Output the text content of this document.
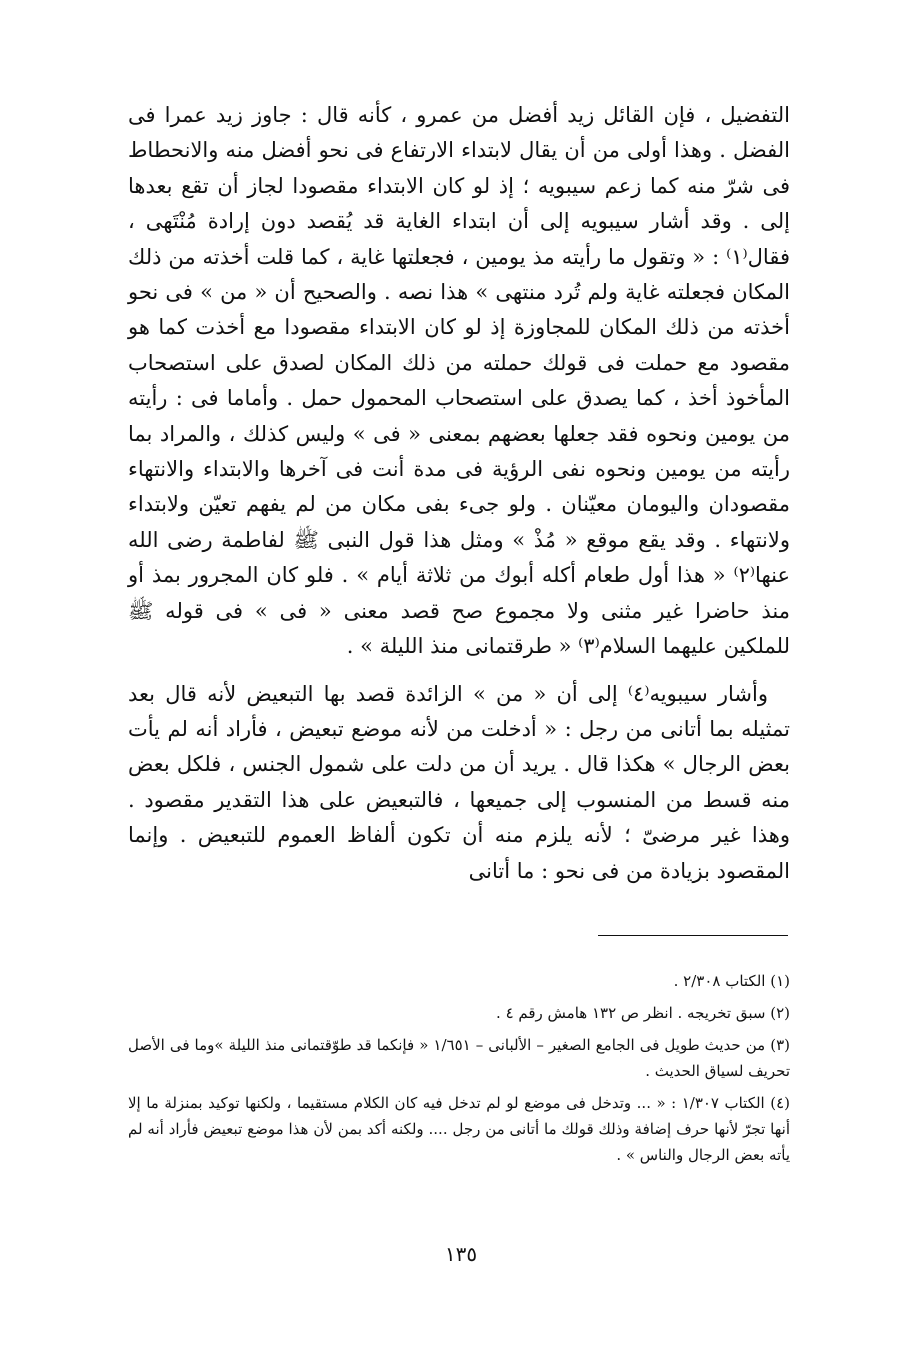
التفضيل ، فإن القائل زيد أفضل من عمرو ، كأنه قال : جاوز زيد عمرا فى الفضل . وهذا أولى من أن يقال لابتداء الارتفاع فى نحو أفضل منه والانحطاط فى شرّ منه كما زعم سيبويه ؛ إذ لو كان الابتداء مقصودا لجاز أن تقع بعدها إلى . وقد أشار سيبويه إلى أن ابتداء الغاية قد يُقصد دون إرادة مُنْتَهى ، فقال⁽١⁾ : « وتقول ما رأيته مذ يومين ، فجعلتها غاية ، كما قلت أخذته من ذلك المكان فجعلته غاية ولم تُرد منتهى » هذا نصه . والصحيح أن « من » فى نحو أخذته من ذلك المكان للمجاوزة إذ لو كان الابتداء مقصودا مع أخذت كما هو مقصود مع حملت فى قولك حملته من ذلك المكان لصدق على استصحاب المأخوذ أخذ ، كما يصدق على استصحاب المحمول حمل . وأماما فى : رأيته من يومين ونحوه فقد جعلها بعضهم بمعنى « فى » وليس كذلك ، والمراد بما رأيته من يومين ونحوه نفى الرؤية فى مدة أنت فى آخرها والابتداء والانتهاء مقصودان واليومان معيّنان . ولو جىء بفى مكان من لم يفهم تعيّن ولابتداء ولانتهاء . وقد يقع موقع « مُذْ » ومثل هذا قول النبى ﷺ لفاطمة رضى الله عنها⁽٢⁾ « هذا أول طعام أكله أبوك من ثلاثة أيام » . فلو كان المجرور بمذ أو منذ حاضرا غير مثنى ولا مجموع صح قصد معنى « فى » فى قوله ﷺ للملكين عليهما السلام⁽٣⁾ « طرقتمانى منذ الليلة » .

وأشار سيبويه⁽٤⁾ إلى أن « من » الزائدة قصد بها التبعيض لأنه قال بعد تمثيله بما أتانى من رجل : « أدخلت من لأنه موضع تبعيض ، فأراد أنه لم يأت بعض الرجال » هكذا قال . يريد أن من دلت على شمول الجنس ، فلكل بعض منه قسط من المنسوب إلى جميعها ، فالتبعيض على هذا التقدير مقصود . وهذا غير مرضىّ ؛ لأنه يلزم منه أن تكون ألفاظ العموم للتبعيض . وإنما المقصود بزيادة من فى نحو : ما أتانى

(١) الكتاب ٢/٣٠٨ .

(٢) سبق تخريجه . انظر ص ١٣٢ هامش رقم ٤ .

(٣) من حديث طويل فى الجامع الصغير – الألبانى – ١/٦٥١ « فإنكما قد طوّقتمانى منذ الليلة »وما فى الأصل تحريف لسياق الحديث .

(٤) الكتاب ١/٣٠٧ : « ... وتدخل فى موضع لو لم تدخل فيه كان الكلام مستقيما ، ولكنها توكيد بمنزلة ما إلا أنها تجرّ لأنها حرف إضافة وذلك قولك ما أتانى من رجل .... ولكنه أكد بمن لأن هذا موضع تبعيض فأراد أنه لم يأته بعض الرجال والناس » .

١٣٥
